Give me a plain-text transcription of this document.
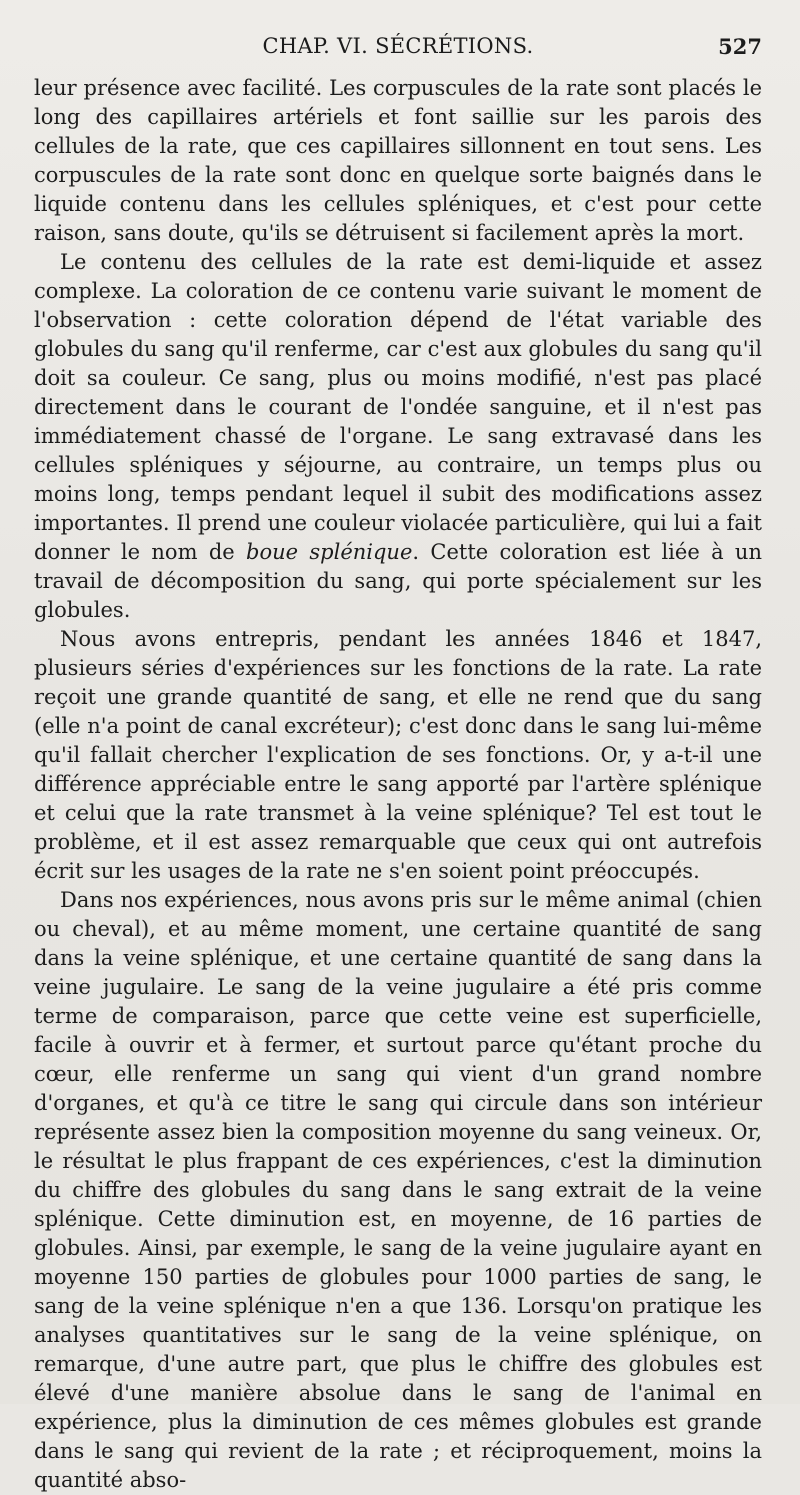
CHAP. VI. SÉCRÉTIONS.	527

leur présence avec facilité. Les corpuscules de la rate sont placés le long des capillaires artériels et font saillie sur les parois des cellules de la rate, que ces capillaires sillonnent en tout sens. Les corpuscules de la rate sont donc en quelque sorte baignés dans le liquide contenu dans les cellules spléniques, et c'est pour cette raison, sans doute, qu'ils se détruisent si facilement après la mort.

Le contenu des cellules de la rate est demi-liquide et assez complexe. La coloration de ce contenu varie suivant le moment de l'observation : cette coloration dépend de l'état variable des globules du sang qu'il renferme, car c'est aux globules du sang qu'il doit sa couleur. Ce sang, plus ou moins modifié, n'est pas placé directement dans le courant de l'ondée sanguine, et il n'est pas immédiatement chassé de l'organe. Le sang extravasé dans les cellules spléniques y séjourne, au contraire, un temps plus ou moins long, temps pendant lequel il subit des modifications assez importantes. Il prend une couleur violacée particulière, qui lui a fait donner le nom de boue splénique. Cette coloration est liée à un travail de décomposition du sang, qui porte spécialement sur les globules.

Nous avons entrepris, pendant les années 1846 et 1847, plusieurs séries d'expériences sur les fonctions de la rate. La rate reçoit une grande quantité de sang, et elle ne rend que du sang (elle n'a point de canal excréteur); c'est donc dans le sang lui-même qu'il fallait chercher l'explication de ses fonctions. Or, y a-t-il une différence appréciable entre le sang apporté par l'artère splénique et celui que la rate transmet à la veine splénique? Tel est tout le problème, et il est assez remarquable que ceux qui ont autrefois écrit sur les usages de la rate ne s'en soient point préoccupés.

Dans nos expériences, nous avons pris sur le même animal (chien ou cheval), et au même moment, une certaine quantité de sang dans la veine splénique, et une certaine quantité de sang dans la veine jugulaire. Le sang de la veine jugulaire a été pris comme terme de comparaison, parce que cette veine est superficielle, facile à ouvrir et à fermer, et surtout parce qu'étant proche du cœur, elle renferme un sang qui vient d'un grand nombre d'organes, et qu'à ce titre le sang qui circule dans son intérieur représente assez bien la composition moyenne du sang veineux. Or, le résultat le plus frappant de ces expériences, c'est la diminution du chiffre des globules du sang dans le sang extrait de la veine splénique. Cette diminution est, en moyenne, de 16 parties de globules. Ainsi, par exemple, le sang de la veine jugulaire ayant en moyenne 150 parties de globules pour 1000 parties de sang, le sang de la veine splénique n'en a que 136. Lorsqu'on pratique les analyses quantitatives sur le sang de la veine splénique, on remarque, d'une autre part, que plus le chiffre des globules est élevé d'une manière absolue dans le sang de l'animal en expérience, plus la diminution de ces mêmes globules est grande dans le sang qui revient de la rate ; et réciproquement, moins la quantité abso-
